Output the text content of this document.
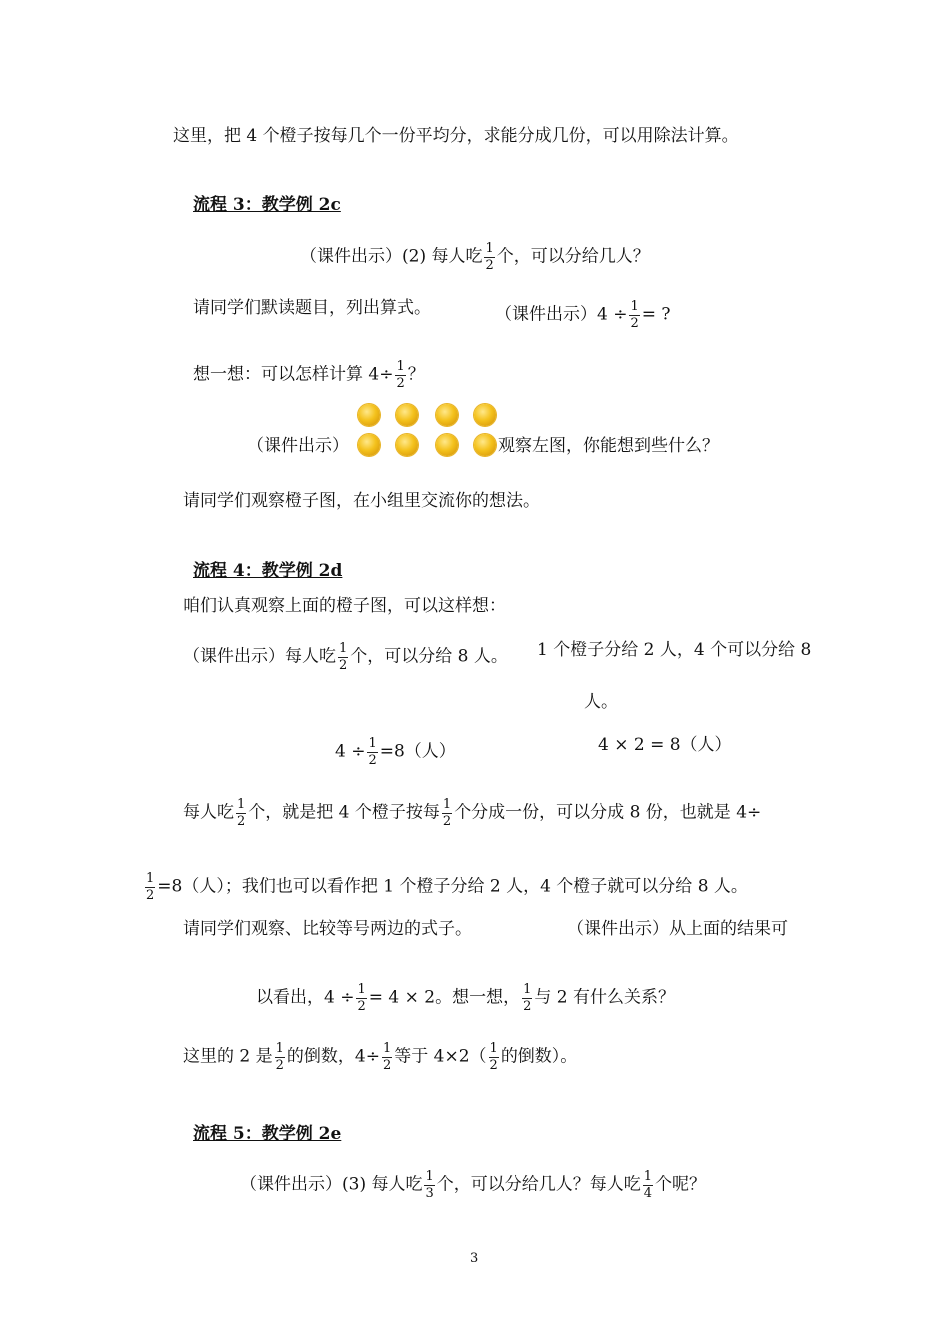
这里，把 4 个橙子按每几个一份平均分，求能分成几份，可以用除法计算。
流程 3：教学例 2c
（课件出示）(2) 每人吃 $\frac{1}{2}$ 个，可以分给几人？
请同学们默读题目，列出算式。	（课件出示）$4 \div \frac{1}{2}$ = ?
想一想：可以怎样计算 $4\div \frac{1}{2}$ ？
（课件出示）	观察左图，你能想到些什么？
请同学们观察橙子图，在小组里交流你的想法。
流程 4：教学例 2d
咱们认真观察上面的橙子图，可以这样想：
（课件出示）每人吃 $\frac{1}{2}$ 个，可以分给 8 人。 1 个橙子分给 2 人，4 个可以分给 8
人。
$4 \div \frac{1}{2} =8$（人）	4 × 2 = 8（人）
每人吃 $\frac{1}{2}$ 个，就是把 4 个橙子按每 $\frac{1}{2}$ 个分成一份，可以分成 8 份，也就是 4÷
$\frac{1}{2} =8$（人）；我们也可以看作把 1 个橙子分给 2 人，4 个橙子就可以分给 8 人。
请同学们观察、比较等号两边的式子。	（课件出示）从上面的结果可
以看出，$4 \div \frac{1}{2} = 4 \times 2$。想一想， $\frac{1}{2}$ 与 2 有什么关系？
这里的 2 是 $\frac{1}{2}$ 的倒数，$4\div \frac{1}{2}$ 等于 $4\times 2( \frac{1}{2}$ 的倒数）。
流程 5：教学例 2e
（课件出示）(3) 每人吃 $\frac{1}{3}$ 个，可以分给几人？每人吃 $\frac{1}{4}$ 个呢？
3
